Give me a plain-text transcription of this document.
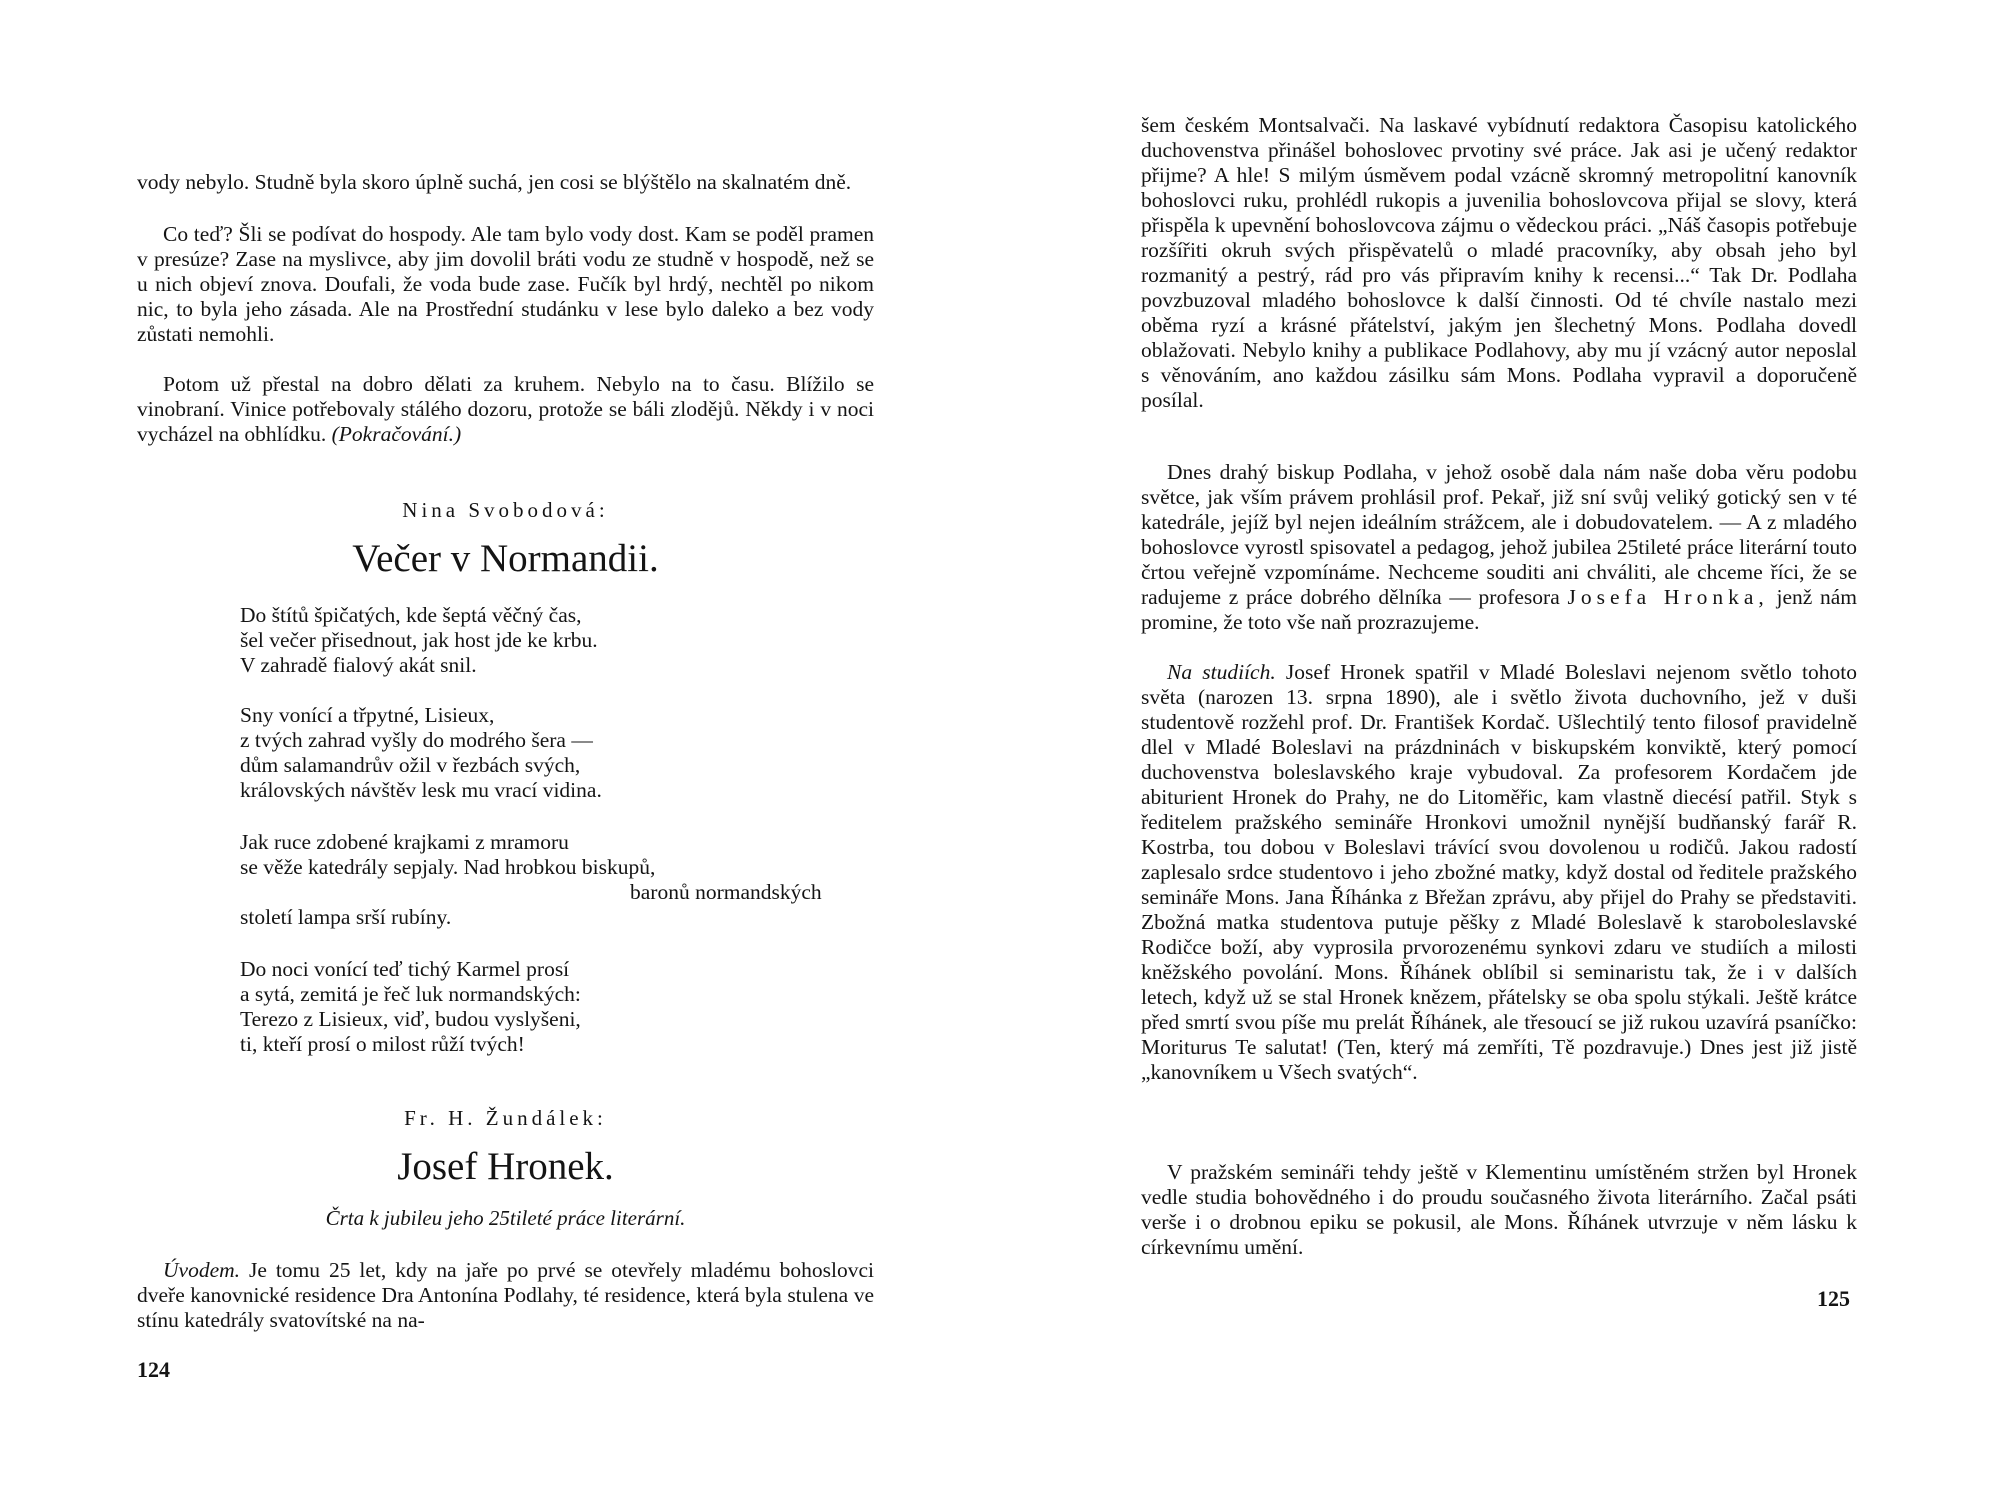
vody nebylo. Studně byla skoro úplně suchá, jen cosi se blýštělo na skalnatém dně.

Co teď? Šli se podívat do hospody. Ale tam bylo vody dost. Kam se poděl pramen v presúze? Zase na myslivce, aby jim dovolil bráti vodu ze studně v hospodě, než se u nich objeví znova. Doufali, že voda bude zase. Fučík byl hrdý, nechtěl po nikom nic, to byla jeho zásada. Ale na Prostřední studánku v lese bylo daleko a bez vody zůstati nemohli.

Potom už přestal na dobro dělati za kruhem. Nebylo na to času. Blížilo se vinobraní. Vinice potřebovaly stálého dozoru, protože se báli zlodějů. Někdy i v noci vycházel na obhlídku. (Pokračování.)

Nina Svobodová:

Večer v Normandii.
Do štítů špičatých, kde šeptá věčný čas,
šel večer přisednout, jak host jde ke krbu.
V zahradě fialový akát snil.
Sny vonící a třpytné, Lisieux,
z tvých zahrad vyšly do modrého šera —
dům salamandrův ožil v řezbách svých,
královských návštěv lesk mu vrací vidina.
Jak ruce zdobené krajkami z mramoru
se věže katedrály sepjaly. Nad hrobkou biskupů,
baronů normandských
století lampa srší rubíny.
Do noci vonící teď tichý Karmel prosí
a sytá, zemitá je řeč luk normandských:
Terezo z Lisieux, viď, budou vyslyšeni,
ti, kteří prosí o milost růží tvých!

Fr. H. Žundálek:

Josef Hronek.

Črta k jubileu jeho 25tileté práce literární.

Úvodem. Je tomu 25 let, kdy na jaře po prvé se otevřely mladému bohoslovci dveře kanovnické residence Dra Antonína Podlahy, té residence, která byla stulena ve stínu katedrály svatovítské na na-

124

šem českém Montsalvači. Na laskavé vybídnutí redaktora Časopisu katolického duchovenstva přinášel bohoslovec prvotiny své práce. Jak asi je učený redaktor přijme? A hle! S milým úsměvem podal vzácně skromný metropolitní kanovník bohoslovci ruku, prohlédl rukopis a juvenilia bohoslovcova přijal se slovy, která přispěla k upevnění bohoslovcova zájmu o vědeckou práci. „Náš časopis potřebuje rozšířiti okruh svých přispěvatelů o mladé pracovníky, aby obsah jeho byl rozmanitý a pestrý, rád pro vás připravím knihy k recensi...“ Tak Dr. Podlaha povzbuzoval mladého bohoslovce k další činnosti. Od té chvíle nastalo mezi oběma ryzí a krásné přátelství, jakým jen šlechetný Mons. Podlaha dovedl oblažovati. Nebylo knihy a publikace Podlahovy, aby mu jí vzácný autor neposlal s věnováním, ano každou zásilku sám Mons. Podlaha vypravil a doporučeně posílal.

Dnes drahý biskup Podlaha, v jehož osobě dala nám naše doba věru podobu světce, jak vším právem prohlásil prof. Pekař, již sní svůj veliký gotický sen v té katedrále, jejíž byl nejen ideálním strážcem, ale i dobudovatelem. — A z mladého bohoslovce vyrostl spisovatel a pedagog, jehož jubilea 25tileté práce literární touto črtou veřejně vzpomínáme. Nechceme souditi ani chváliti, ale chceme říci, že se radujeme z práce dobrého dělníka — profesora Josefa Hronka, jenž nám promine, že toto vše naň prozrazujeme.

Na studiích. Josef Hronek spatřil v Mladé Boleslavi nejenom světlo tohoto světa (narozen 13. srpna 1890), ale i světlo života duchovního, jež v duši studentově rozžehl prof. Dr. František Kordač. Ušlechtilý tento filosof pravidelně dlel v Mladé Boleslavi na prázdninách v biskupském konviktě, který pomocí duchovenstva boleslavského kraje vybudoval. Za profesorem Kordačem jde abiturient Hronek do Prahy, ne do Litoměřic, kam vlastně diecésí patřil. Styk s ředitelem pražského semináře Hronkovi umožnil nynější budňanský farář R. Kostrba, tou dobou v Boleslavi trávící svou dovolenou u rodičů. Jakou radostí zaplesalo srdce studentovo i jeho zbožné matky, když dostal od ředitele pražského semináře Mons. Jana Říhánka z Břežan zprávu, aby přijel do Prahy se představiti. Zbožná matka studentova putuje pěšky z Mladé Boleslavě k staroboleslavské Rodičce boží, aby vyprosila prvorozenému synkovi zdaru ve studiích a milosti kněžského povolání. Mons. Říhánek oblíbil si seminaristu tak, že i v dalších letech, když už se stal Hronek knězem, přátelsky se oba spolu stýkali. Ještě krátce před smrtí svou píše mu prelát Říhánek, ale třesoucí se již rukou uzavírá psaníčko: Moriturus Te salutat! (Ten, který má zemříti, Tě pozdravuje.) Dnes jest již jistě „kanovníkem u Všech svatých“.

V pražském semináři tehdy ještě v Klementinu umístěném stržen byl Hronek vedle studia bohovědného i do proudu současného života literárního. Začal psáti verše i o drobnou epiku se pokusil, ale Mons. Říhánek utvrzuje v něm lásku k církevnímu umění.

125
